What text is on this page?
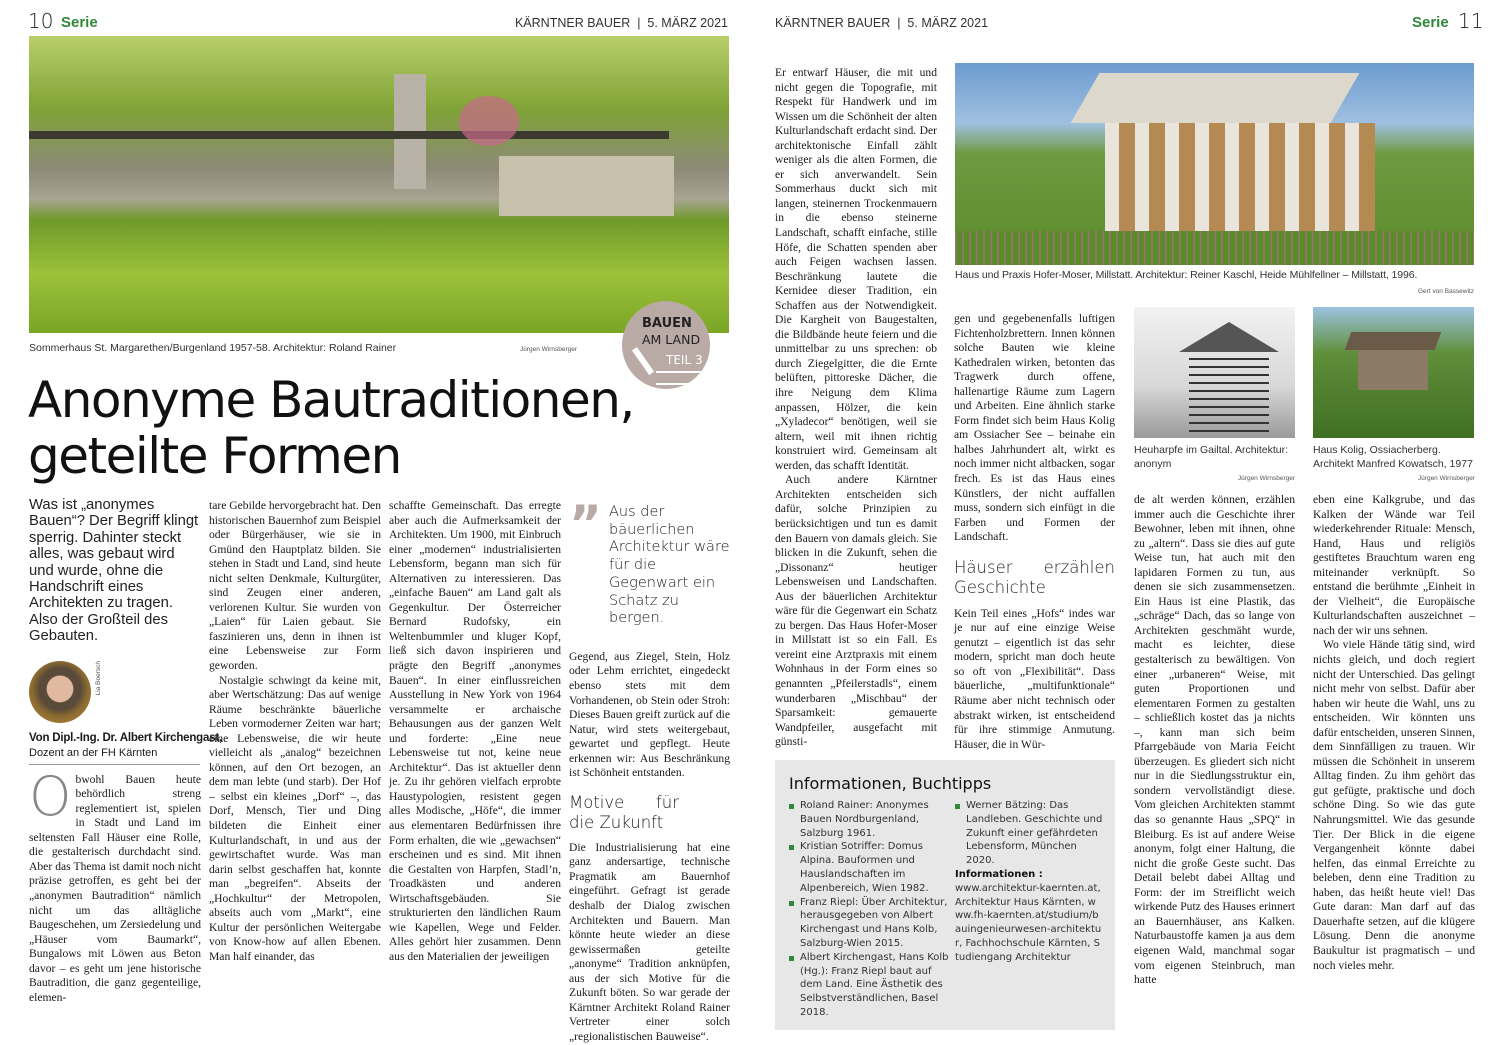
10 Serie	KÄRNTNER BAUER  |  5. MÄRZ 2021
Sommerhaus St. Margarethen/Burgenland 1957-58. Architektur: Roland Rainer	Jürgen Wirnsberger
BAUEN
AM LAND
TEIL 3
Anonyme Bautraditionen,
geteilte Formen
Was ist „anonymes Bauen“? Der Begriff klingt sperrig. Dahinter steckt alles, was gebaut wird und wurde, ohne die Handschrift eines Architekten zu tragen. Also der Großteil des Gebauten.
Lia Boersch
Von Dipl.-Ing. Dr. Albert Kirchengast,
Dozent an der FH Kärnten
O bwohl Bauen heute behördlich streng reglementiert ist, spielen in Stadt und Land im seltensten Fall Häuser eine Rolle, die gestalterisch durchdacht sind. Aber das Thema ist damit noch nicht präzise getroffen, es geht bei der „anonymen Bautradition“ nämlich nicht um das alltägliche Baugeschehen, um Zersiedelung und „Häuser vom Baumarkt“, Bungalows mit Löwen aus Beton davor – es geht um jene historische Bautradition, die ganz gegenteilige, elemen-

tare Gebilde hervorgebracht hat. Den historischen Bauernhof zum Beispiel oder Bürgerhäuser, wie sie in Gmünd den Hauptplatz bilden. Sie stehen in Stadt und Land, sind heute nicht selten Denkmale, Kulturgüter, sind Zeugen einer anderen, verlorenen Kultur. Sie wurden von „Laien“ für Laien gebaut. Sie faszinieren uns, denn in ihnen ist eine Lebensweise zur Form geworden.

Nostalgie schwingt da keine mit, aber Wertschätzung: Das auf wenige Räume beschränkte bäuerliche Leben vormoderner Zeiten war hart; eine Lebensweise, die wir heute vielleicht als „analog“ bezeichnen können, auf den Ort bezogen, an dem man lebte (und starb). Der Hof – selbst ein kleines „Dorf“ –, das Dorf, Mensch, Tier und Ding bildeten die Einheit einer Kulturlandschaft, in und aus der gewirtschaftet wurde. Was man darin selbst geschaffen hat, konnte man „begreifen“. Abseits der „Hochkultur“ der Metropolen, abseits auch vom „Markt“, eine Kultur der persönlichen Weitergabe von Know-how auf allen Ebenen. Man half einander, das

schaffte Gemeinschaft. Das erregte aber auch die Aufmerksamkeit der Architekten. Um 1900, mit Einbruch einer „modernen“ industrialisierten Lebensform, begann man sich für Alternativen zu interessieren. Das „einfache Bauen“ am Land galt als Gegenkultur. Der Österreicher Bernard Rudofsky, ein Weltenbummler und kluger Kopf, ließ sich davon inspirieren und prägte den Begriff „anonymes Bauen“. In einer einflussreichen Ausstellung in New York von 1964 versammelte er archaische Behausungen aus der ganzen Welt und forderte: „Eine neue Lebensweise tut not, keine neue Architektur“. Das ist aktueller denn je. Zu ihr gehören vielfach erprobte Haustypologien, resistent gegen alles Modische, „Höfe“, die immer aus elementaren Bedürfnissen ihre Form erhalten, die wie „gewachsen“ erscheinen und es sind. Mit ihnen die Gestalten von Harpfen, Stadl’n, Troadkästen und anderen Wirtschaftsgebäuden. Sie strukturierten den ländlichen Raum wie Kapellen, Wege und Felder. Alles gehört hier zusammen. Denn aus den Materialien der jeweiligen

” Aus der bäuerlichen Architektur wäre für die Gegenwart ein Schatz zu bergen.

Gegend, aus Ziegel, Stein, Holz oder Lehm errichtet, eingedeckt ebenso stets mit dem Vorhandenen, ob Stein oder Stroh: Dieses Bauen greift zurück auf die Natur, wird stets weitergebaut, gewartet und gepflegt. Heute erkennen wir: Aus Beschränkung ist Schönheit entstanden.

Motive für die Zukunft

Die Industrialisierung hat eine ganz andersartige, technische Pragmatik am Bauernhof eingeführt. Gefragt ist gerade deshalb der Dialog zwischen Architekten und Bauern. Man könnte heute wieder an diese gewissermaßen geteilte „anonyme“ Tradition anknüpfen, aus der sich Motive für die Zukunft böten. So war gerade der Kärntner Architekt Roland Rainer Vertreter einer solch „regionalistischen Bauweise“.

KÄRNTNER BAUER  |  5. MÄRZ 2021	Serie 11

Er entwarf Häuser, die mit und nicht gegen die Topografie, mit Respekt für Handwerk und im Wissen um die Schönheit der alten Kulturlandschaft erdacht sind. Der architektonische Einfall zählt weniger als die alten Formen, die er sich anverwandelt. Sein Sommerhaus duckt sich mit langen, steinernen Trockenmauern in die ebenso steinerne Landschaft, schafft einfache, stille Höfe, die Schatten spenden aber auch Feigen wachsen lassen. Beschränkung lautete die Kernidee dieser Tradition, ein Schaffen aus der Notwendigkeit. Die Kargheit von Baugestalten, die Bildbände heute feiern und die unmittelbar zu uns sprechen: ob durch Ziegelgitter, die die Ernte belüften, pittoreske Dächer, die ihre Neigung dem Klima anpassen, Hölzer, die kein „Xyladecor“ benötigen, weil sie altern, weil mit ihnen richtig konstruiert wird. Gemeinsam alt werden, das schafft Identität.

Auch andere Kärntner Architekten entscheiden sich dafür, solche Prinzipien zu berücksichtigen und tun es damit den Bauern von damals gleich. Sie blicken in die Zukunft, sehen die „Dissonanz“ heutiger Lebensweisen und Landschaften. Aus der bäuerlichen Architektur wäre für die Gegenwart ein Schatz zu bergen. Das Haus Hofer-Moser in Millstatt ist so ein Fall. Es vereint eine Arztpraxis mit einem Wohnhaus in der Form eines so genannten „Pfeilerstadls“, einem wunderbaren „Mischbau“ der Sparsamkeit: gemauerte Wandpfeiler, ausgefacht mit günsti-

Haus und Praxis Hofer-Moser, Millstatt. Architektur: Reiner Kaschl, Heide Mühlfellner – Millstatt, 1996.
Gert von Bassewitz

gen und gegebenenfalls luftigen Fichtenholzbrettern. Innen können solche Bauten wie kleine Kathedralen wirken, betonten das Tragwerk durch offene, hallenartige Räume zum Lagern und Arbeiten. Eine ähnlich starke Form findet sich beim Haus Kolig am Ossiacher See – beinahe ein halbes Jahrhundert alt, wirkt es noch immer nicht altbacken, sogar frech. Es ist das Haus eines Künstlers, der nicht auffallen muss, sondern sich einfügt in die Farben und Formen der Landschaft.

Häuser erzählen Geschichte

Kein Teil eines „Hofs“ indes war je nur auf eine einzige Weise genutzt – eigentlich ist das sehr modern, spricht man doch heute so oft von „Flexibilität“. Dass bäuerliche, „multifunktionale“ Räume aber nicht technisch oder abstrakt wirken, ist entscheidend für ihre stimmige Anmutung. Häuser, die in Wür-

Heuharpfe im Gailtal. Architektur: anonym
Jürgen Wirnsberger

de alt werden können, erzählen immer auch die Geschichte ihrer Bewohner, leben mit ihnen, ohne zu „altern“. Dass sie dies auf gute Weise tun, hat auch mit den lapidaren Formen zu tun, aus denen sie sich zusammensetzen. Ein Haus ist eine Plastik, das „schräge“ Dach, das so lange von Architekten geschmäht wurde, macht es leichter, diese gestalterisch zu bewältigen. Von einer „urbaneren“ Weise, mit guten Proportionen und elementaren Formen zu gestalten – schließlich kostet das ja nichts –, kann man sich beim Pfarrgebäude von Maria Feicht überzeugen. Es gliedert sich nicht nur in die Siedlungsstruktur ein, sondern vervollständigt diese. Vom gleichen Architekten stammt das so genannte Haus „SPQ“ in Bleiburg. Es ist auf andere Weise anonym, folgt einer Haltung, die nicht die große Geste sucht. Das Detail belebt dabei Alltag und Form: der im Streiflicht weich wirkende Putz des Hauses erinnert an Bauernhäuser, ans Kalken. Naturbaustoffe kamen ja aus dem eigenen Wald, manchmal sogar vom eigenen Steinbruch, man hatte

Haus Kolig, Ossiacherberg. Architekt Manfred Kowatsch, 1977
Jürgen Wirnsberger

eben eine Kalkgrube, und das Kalken der Wände war Teil wiederkehrender Rituale: Mensch, Hand, Haus und religiös gestiftetes Brauchtum waren eng miteinander verknüpft. So entstand die berühmte „Einheit in der Vielheit“, die Europäische Kulturlandschaften auszeichnet – nach der wir uns sehnen.

Wo viele Hände tätig sind, wird nichts gleich, und doch regiert nicht der Unterschied. Das gelingt nicht mehr von selbst. Dafür aber haben wir heute die Wahl, uns zu entscheiden. Wir könnten uns dafür entscheiden, unseren Sinnen, dem Sinnfälligen zu trauen. Wir müssen die Schönheit in unserem Alltag finden. Zu ihm gehört das gut gefügte, praktische und doch schöne Ding. So wie das gute Nahrungsmittel. Wie das gesunde Tier. Der Blick in die eigene Vergangenheit könnte dabei helfen, das einmal Erreichte zu beleben, denn eine Tradition zu haben, das heißt heute viel! Das Gute daran: Man darf auf das Dauerhafte setzen, auf die klügere Lösung. Denn die anonyme Baukultur ist pragmatisch – und noch vieles mehr.

Informationen, Buchtipps
Roland Rainer: Anonymes Bauen Nordburgenland, Salzburg 1961.
Kristian Sotriffer: Domus Alpina. Bauformen und Hauslandschaften im Alpenbereich, Wien 1982.
Franz Riepl: Über Architektur, herausgegeben von Albert Kirchengast und Hans Kolb, Salzburg-Wien 2015.
Albert Kirchengast, Hans Kolb (Hg.): Franz Riepl baut auf dem Land. Eine Ästhetik des Selbstverständlichen, Basel 2018.
Werner Bätzing: Das Landleben. Geschichte und Zukunft einer gefährdeten Lebensform, München 2020.
Informationen :
www.architektur-kaernten.at, Architektur Haus Kärnten, www.fh-kaernten.at/studium/bauingenieurwesen-architektur, Fachhochschule Kärnten, Studiengang Architektur
